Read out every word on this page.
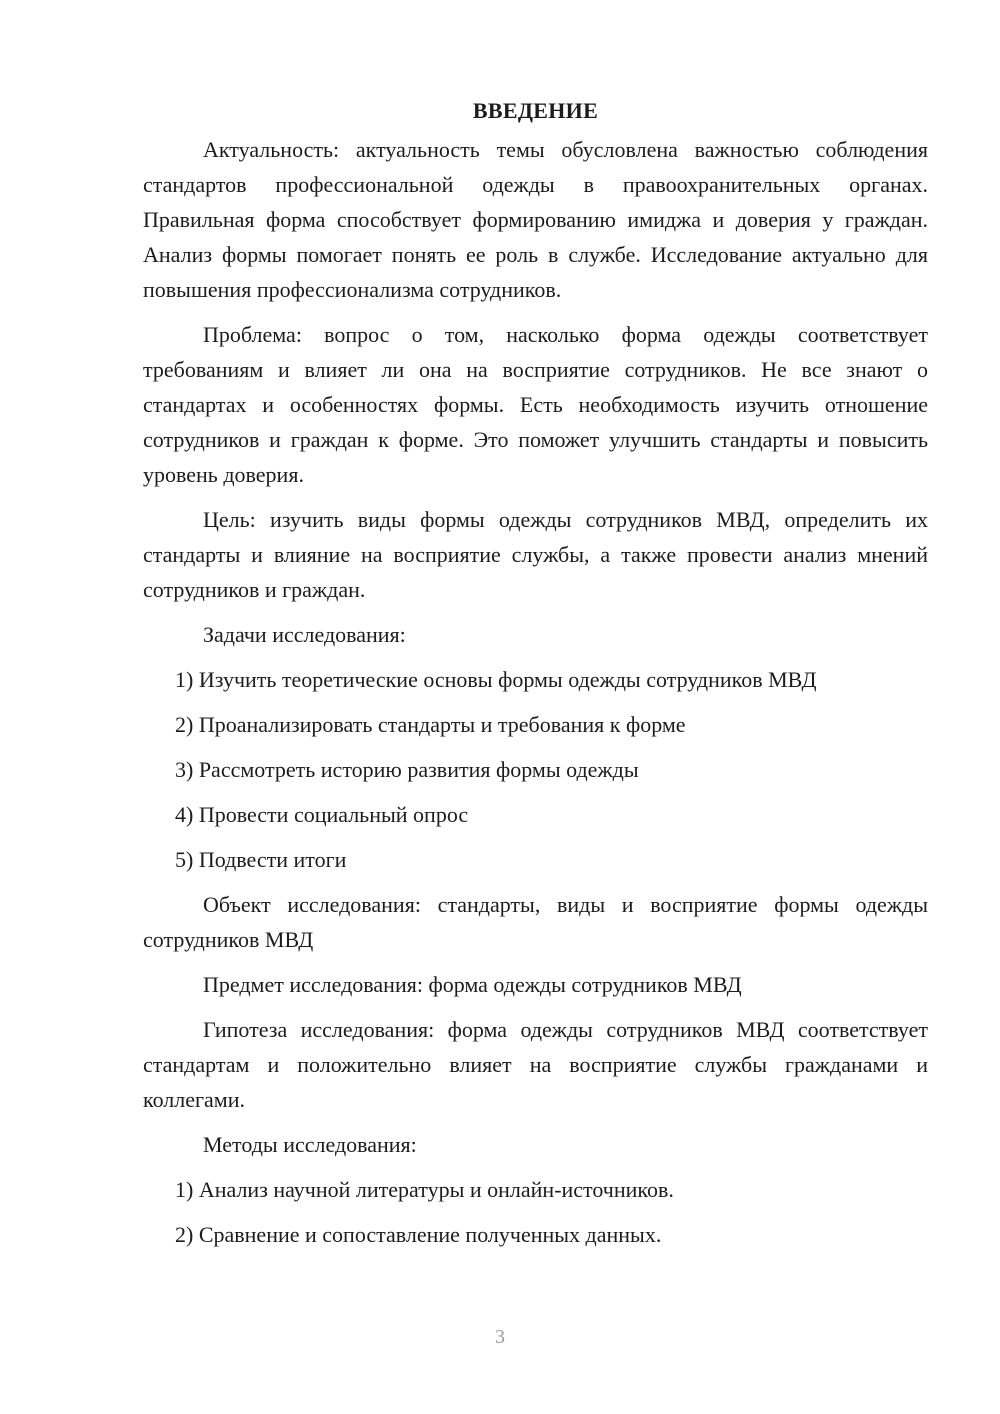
ВВЕДЕНИЕ

Актуальность: актуальность темы обусловлена важностью соблюдения стандартов профессиональной одежды в правоохранительных органах. Правильная форма способствует формированию имиджа и доверия у граждан. Анализ формы помогает понять ее роль в службе. Исследование актуально для повышения профессионализма сотрудников.

Проблема: вопрос о том, насколько форма одежды соответствует требованиям и влияет ли она на восприятие сотрудников. Не все знают о стандартах и особенностях формы. Есть необходимость изучить отношение сотрудников и граждан к форме. Это поможет улучшить стандарты и повысить уровень доверия.

Цель: изучить виды формы одежды сотрудников МВД, определить их стандарты и влияние на восприятие службы, а также провести анализ мнений сотрудников и граждан.

Задачи исследования:

1) Изучить теоретические основы формы одежды сотрудников МВД
2) Проанализировать стандарты и требования к форме
3) Рассмотреть историю развития формы одежды
4) Провести социальный опрос
5) Подвести итоги

Объект исследования: стандарты, виды и восприятие формы одежды сотрудников МВД

Предмет исследования: форма одежды сотрудников МВД

Гипотеза исследования: форма одежды сотрудников МВД соответствует стандартам и положительно влияет на восприятие службы гражданами и коллегами.

Методы исследования:

1) Анализ научной литературы и онлайн-источников.
2) Сравнение и сопоставление полученных данных.
3
